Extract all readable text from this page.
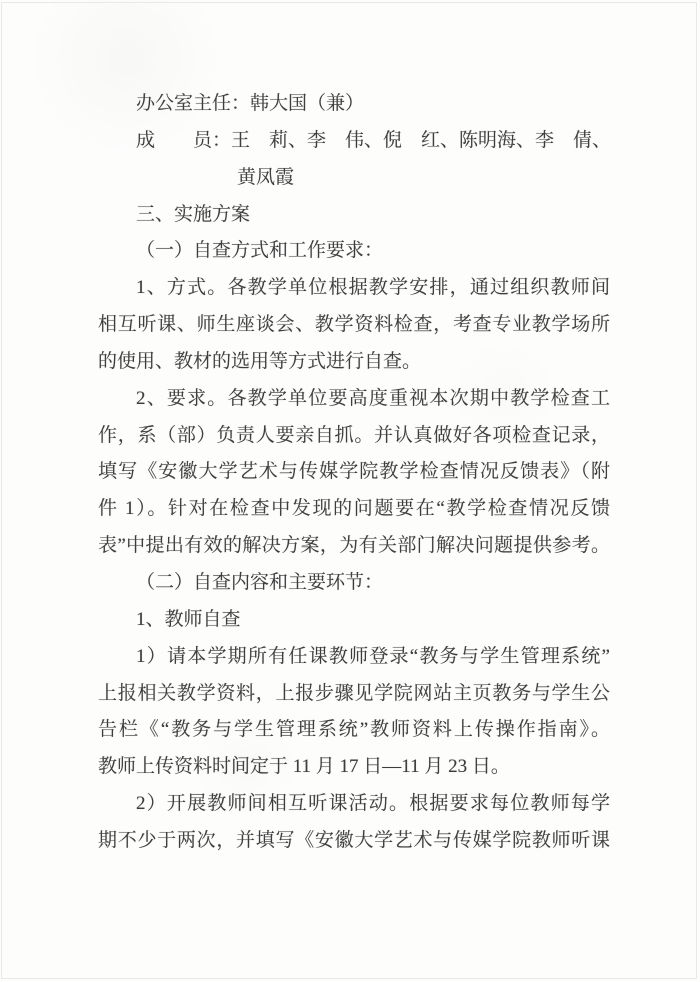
办公室主任：韩大国（兼）
成　　员：王　莉、李　伟、倪　红、陈明海、李　倩、
黄凤霞
三、实施方案
（一）自查方式和工作要求：
1、方式。各教学单位根据教学安排，通过组织教师间
相互听课、师生座谈会、教学资料检查，考查专业教学场所
的使用、教材的选用等方式进行自查。
2、要求。各教学单位要高度重视本次期中教学检查工
作，系（部）负责人要亲自抓。并认真做好各项检查记录，
填写《安徽大学艺术与传媒学院教学检查情况反馈表》（附
件 1）。针对在检查中发现的问题要在“教学检查情况反馈
表”中提出有效的解决方案，为有关部门解决问题提供参考。
（二）自查内容和主要环节：
1、教师自查
1）请本学期所有任课教师登录“教务与学生管理系统”
上报相关教学资料，上报步骤见学院网站主页教务与学生公
告栏《“教务与学生管理系统”教师资料上传操作指南》。
教师上传资料时间定于 11 月 17 日—11 月 23 日。
2）开展教师间相互听课活动。根据要求每位教师每学
期不少于两次，并填写《安徽大学艺术与传媒学院教师听课
